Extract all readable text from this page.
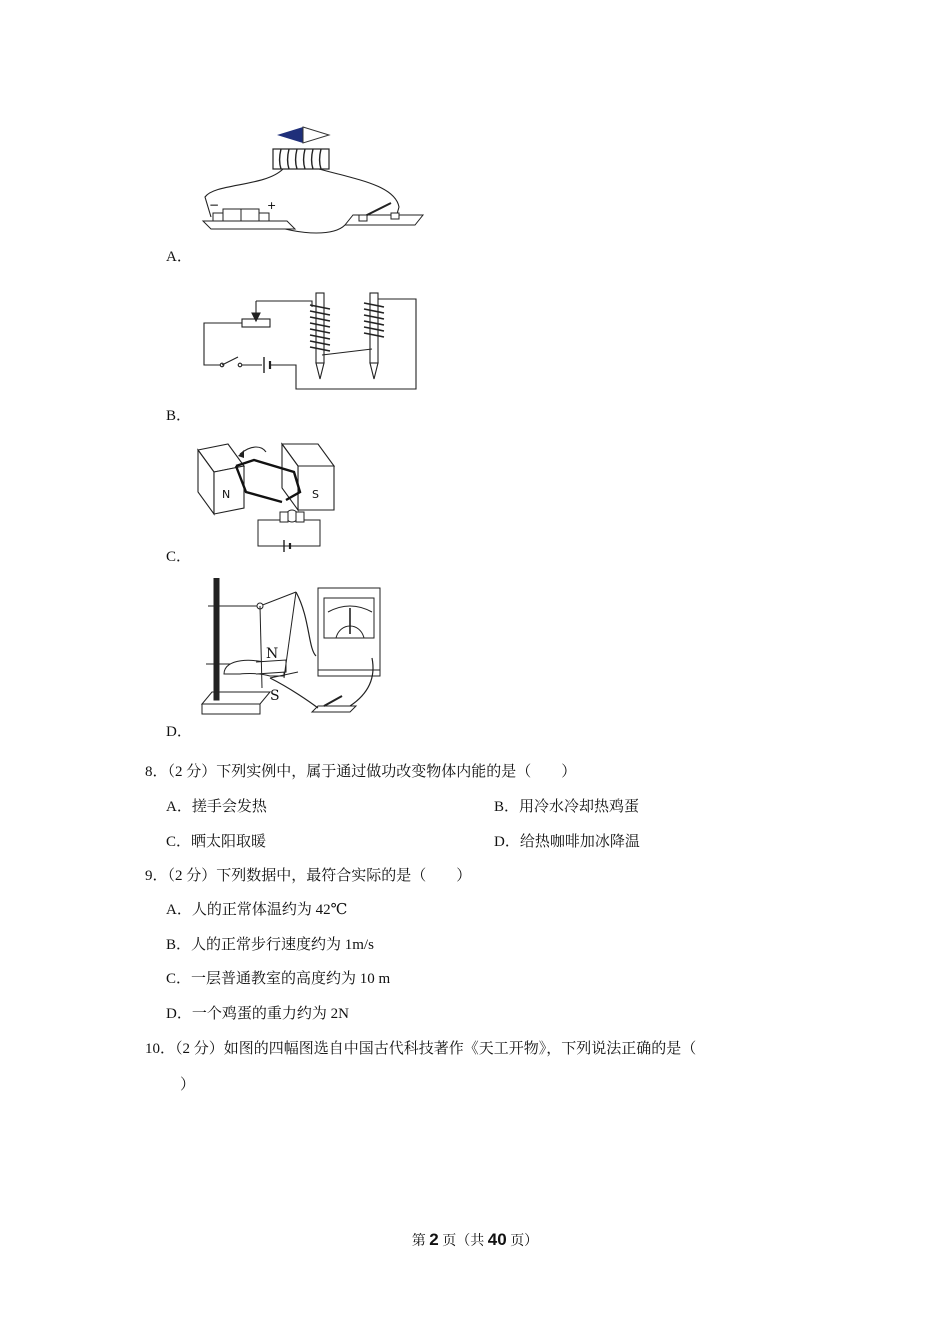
−	+
A．
B．
N	S
C．
N
S
D．
8．（2 分）下列实例中，属于通过做功改变物体内能的是（　　）
A．搓手会发热	B．用冷水冷却热鸡蛋
C．晒太阳取暖	D．给热咖啡加冰降温
9．（2 分）下列数据中，最符合实际的是（　　）
A．人的正常体温约为 42℃
B．人的正常步行速度约为 1m/s
C．一层普通教室的高度约为 10 m
D．一个鸡蛋的重力约为 2N
10．（2 分）如图的四幅图选自中国古代科技著作《天工开物》，下列说法正确的是（
）
第 2 页（共 40 页）
